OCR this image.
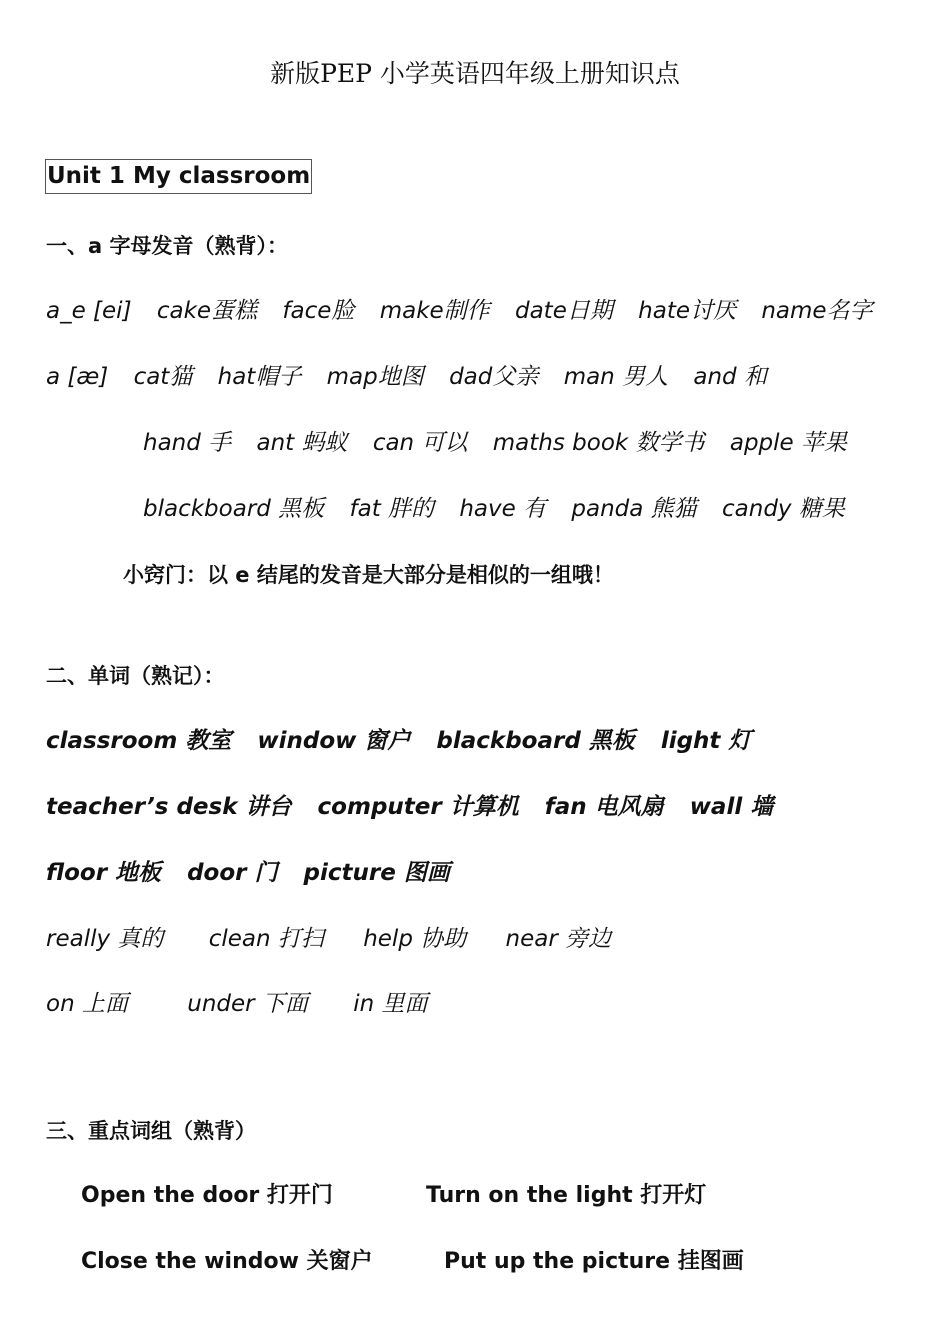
新版PEP 小学英语四年级上册知识点
Unit 1 My classroom
一、a 字母发音（熟背）：
a_e [ei] cake蛋糕 face脸 make制作 date日期 hate讨厌 name名字
a [æ] cat猫 hat帽子 map地图 dad父亲 man 男人 and 和
hand 手 ant 蚂蚁 can 可以 maths book 数学书 apple 苹果
blackboard 黑板 fat 胖的 have 有 panda 熊猫 candy 糖果
小窍门：以 e 结尾的发音是大部分是相似的一组哦！
二、单词（熟记）：
classroom 教室 window 窗户 blackboard 黑板 light 灯
teacher’s desk 讲台 computer 计算机 fan 电风扇 wall 墙
floor 地板 door 门 picture 图画
really 真的 clean 打扫 help 协助 near 旁边
on 上面	under 下面 in 里面
三、重点词组（熟背）
Open the door 打开门	Turn on the light 打开灯
Close the window 关窗户	Put up the picture 挂图画
